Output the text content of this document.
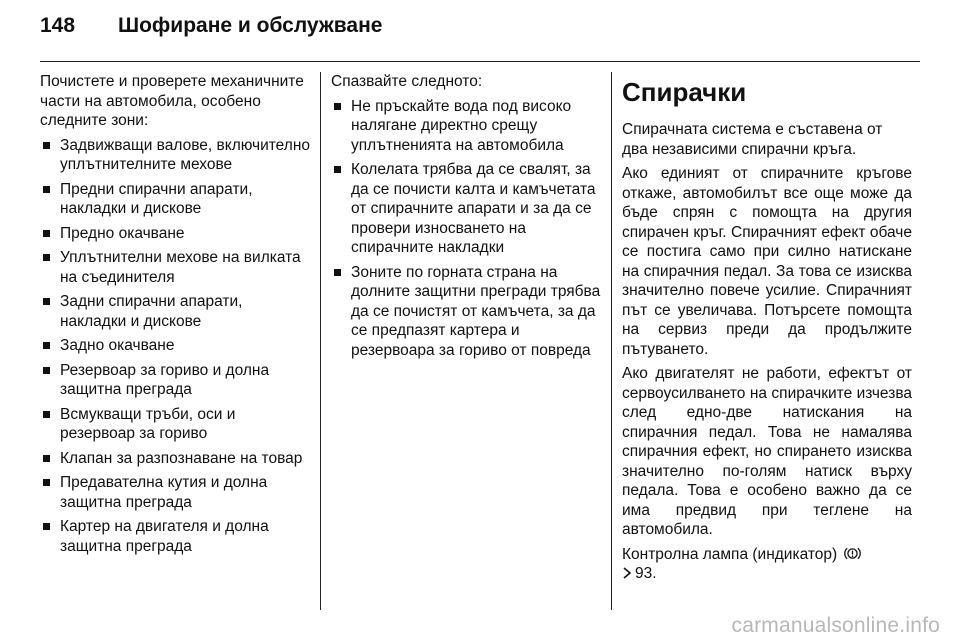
148	Шофиране и обслужване

Почистете и проверете механичните части на автомобила, особено следните зони:

Задвижващи валове, включително уплътнителните мехове
Предни спирачни апарати, накладки и дискове
Предно окачване
Уплътнителни мехове на вилката на съединителя
Задни спирачни апарати, накладки и дискове
Задно окачване
Резервоар за гориво и долна защитна преграда
Всмукващи тръби, оси и резервоар за гориво
Клапан за разпознаване на товар
Предавателна кутия и долна защитна преграда
Картер на двигателя и долна защитна преграда

Спазвайте следното:

Не пръскайте вода под високо налягане директно срещу уплътненията на автомобила
Колелата трябва да се свалят, за да се почисти калта и камъчетата от спирачните апарати и за да се провери износването на спирачните накладки
Зоните по горната страна на долните защитни прегради трябва да се почистят от камъчета, за да се предпазят картера и резервоара за гориво от повреда
Спирачки

Спирачната система е съставена от два независими спирачни кръга.

Ако единият от спирачните кръгове откаже, автомобилът все още може да бъде спрян с помощта на другия спирачен кръг. Спирачният ефект обаче се постига само при силно натискане на спирачния педал. За това се изисква значително повече усилие. Спирачният път се увеличава. Потърсете помощта на сервиз преди да продължите пътуването.

Ако двигателят не работи, ефектът от сервоусилването на спирачките изчезва след едно-две натискания на спирачния педал. Това не намалява спирачния ефект, но спирането изисква значително по-голям натиск върху педала. Това е особено важно да се има предвид при теглене на автомобила.

Контролна лампа (индикатор)
93.

carmanualsonline.info
